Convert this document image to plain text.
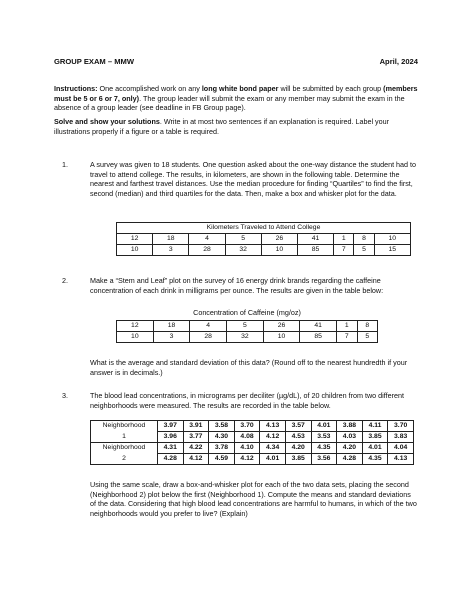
GROUP EXAM – MMW	April, 2024

Instructions: One accomplished work on any long white bond paper will be submitted by each group (members must be 5 or 6 or 7, only). The group leader will submit the exam or any member may submit the exam in the absence of a group leader (see deadline in FB Group page).

Solve and show your solutions. Write in at most two sentences if an explanation is required. Label your illustrations properly if a figure or a table is required.

1.	A survey was given to 18 students. One question asked about the one-way distance the student had to travel to attend college. The results, in kilometers, are shown in the following table. Determine the nearest and farthest travel distances. Use the median procedure for finding “Quartiles” to find the first, second (median) and third quartiles for the data. Then, make a box and whisker plot for the data.

Kilometers Traveled to Attend College								
12	18	4	5	26	41	1	8	10
10	3	28	32	10	85	7	5	15
2.	Make a “Stem and Leaf” plot on the survey of 16 energy drink brands regarding the caffeine concentration of each drink in milligrams per ounce. The results are given in the table below:

Concentration of Caffeine (mg/oz)
12	18	4	5	26	41	1	8
10	3	28	32	10	85	7	5

What is the average and standard deviation of this data? (Round off to the nearest hundredth if your answer is in decimals.)

3.	The blood lead concentrations, in micrograms per deciliter (µg/dL), of 20 children from two different neighborhoods were measured. The results are recorded in the table below.

Neighborhood	3.97	3.91	3.58	3.70	4.13	3.57	4.01	3.88	4.11	3.70
1	3.96	3.77	4.30	4.08	4.12	4.53	3.53	4.03	3.85	3.83
Neighborhood	4.31	4.22	3.78	4.10	4.34	4.20	4.35	4.20	4.01	4.04
2	4.28	4.12	4.59	4.12	4.01	3.85	3.56	4.28	4.35	4.13

Using the same scale, draw a box-and-whisker plot for each of the two data sets, placing the second (Neighborhood 2) plot below the first (Neighborhood 1). Compute the means and standard deviations of the data. Considering that high blood lead concentrations are harmful to humans, in which of the two neighborhoods would you prefer to live? (Explain)
